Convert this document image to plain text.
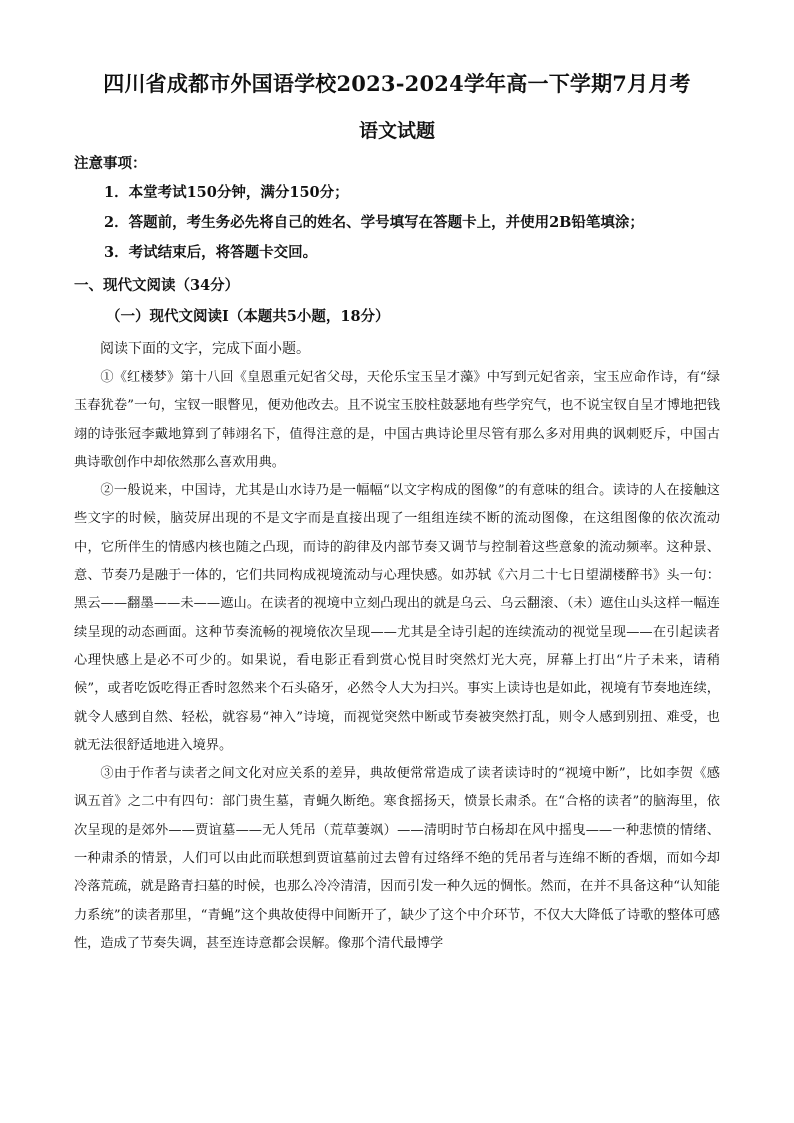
四川省成都市外国语学校2023-2024学年高一下学期7月月考
语文试题
注意事项：
1．本堂考试150分钟，满分150分；
2．答题前，考生务必先将自己的姓名、学号填写在答题卡上，并使用2B铅笔填涂；
3．考试结束后，将答题卡交回。
一、现代文阅读（34分）
（一）现代文阅读Ⅰ（本题共5小题，18分）
阅读下面的文字，完成下面小题。

①《红楼梦》第十八回《皇恩重元妃省父母，天伦乐宝玉呈才藻》中写到元妃省亲，宝玉应命作诗，有“绿玉春犹卷”一句，宝钗一眼瞥见，便劝他改去。且不说宝玉胶柱鼓瑟地有些学究气，也不说宝钗自呈才博地把钱翊的诗张冠李戴地算到了韩翊名下，值得注意的是，中国古典诗论里尽管有那么多对用典的讽刺贬斥，中国古典诗歌创作中却依然那么喜欢用典。

②一般说来，中国诗，尤其是山水诗乃是一幅幅“以文字构成的图像”的有意味的组合。读诗的人在接触这些文字的时候，脑荧屏出现的不是文字而是直接出现了一组组连续不断的流动图像，在这组图像的依次流动中，它所伴生的情感内核也随之凸现，而诗的韵律及内部节奏又调节与控制着这些意象的流动频率。这种景、意、节奏乃是融于一体的，它们共同构成视境流动与心理快感。如苏轼《六月二十七日望湖楼醉书》头一句：黑云——翻墨——未——遮山。在读者的视境中立刻凸现出的就是乌云、乌云翻滚、（未）遮住山头这样一幅连续呈现的动态画面。这种节奏流畅的视境依次呈现——尤其是全诗引起的连续流动的视觉呈现——在引起读者心理快感上是必不可少的。如果说，看电影正看到赏心悦目时突然灯光大亮，屏幕上打出“片子未来，请稍候”，或者吃饭吃得正香时忽然来个石头硌牙，必然令人大为扫兴。事实上读诗也是如此，视境有节奏地连续，就令人感到自然、轻松，就容易“神入”诗境，而视觉突然中断或节奏被突然打乱，则令人感到别扭、难受，也就无法很舒适地进入境界。

③由于作者与读者之间文化对应关系的差异，典故便常常造成了读者读诗时的“视境中断”，比如李贺《感讽五首》之二中有四句：部门贵生墓，青蝇久断绝。寒食摇扬天，愤景长肃杀。在“合格的读者”的脑海里，依次呈现的是郊外——贾谊墓——无人凭吊（荒草萋飒）——清明时节白杨却在风中摇曳——一种悲愤的情绪、一种肃杀的情景，人们可以由此而联想到贾谊墓前过去曾有过络绎不绝的凭吊者与连绵不断的香烟，而如今却冷落荒疏，就是路青扫墓的时候，也那么冷冷清清，因而引发一种久远的惆怅。然而，在并不具备这种“认知能力系统”的读者那里，“青蝇”这个典故使得中间断开了，缺少了这个中介环节，不仅大大降低了诗歌的整体可感性，造成了节奏失调，甚至连诗意都会误解。像那个清代最博学
